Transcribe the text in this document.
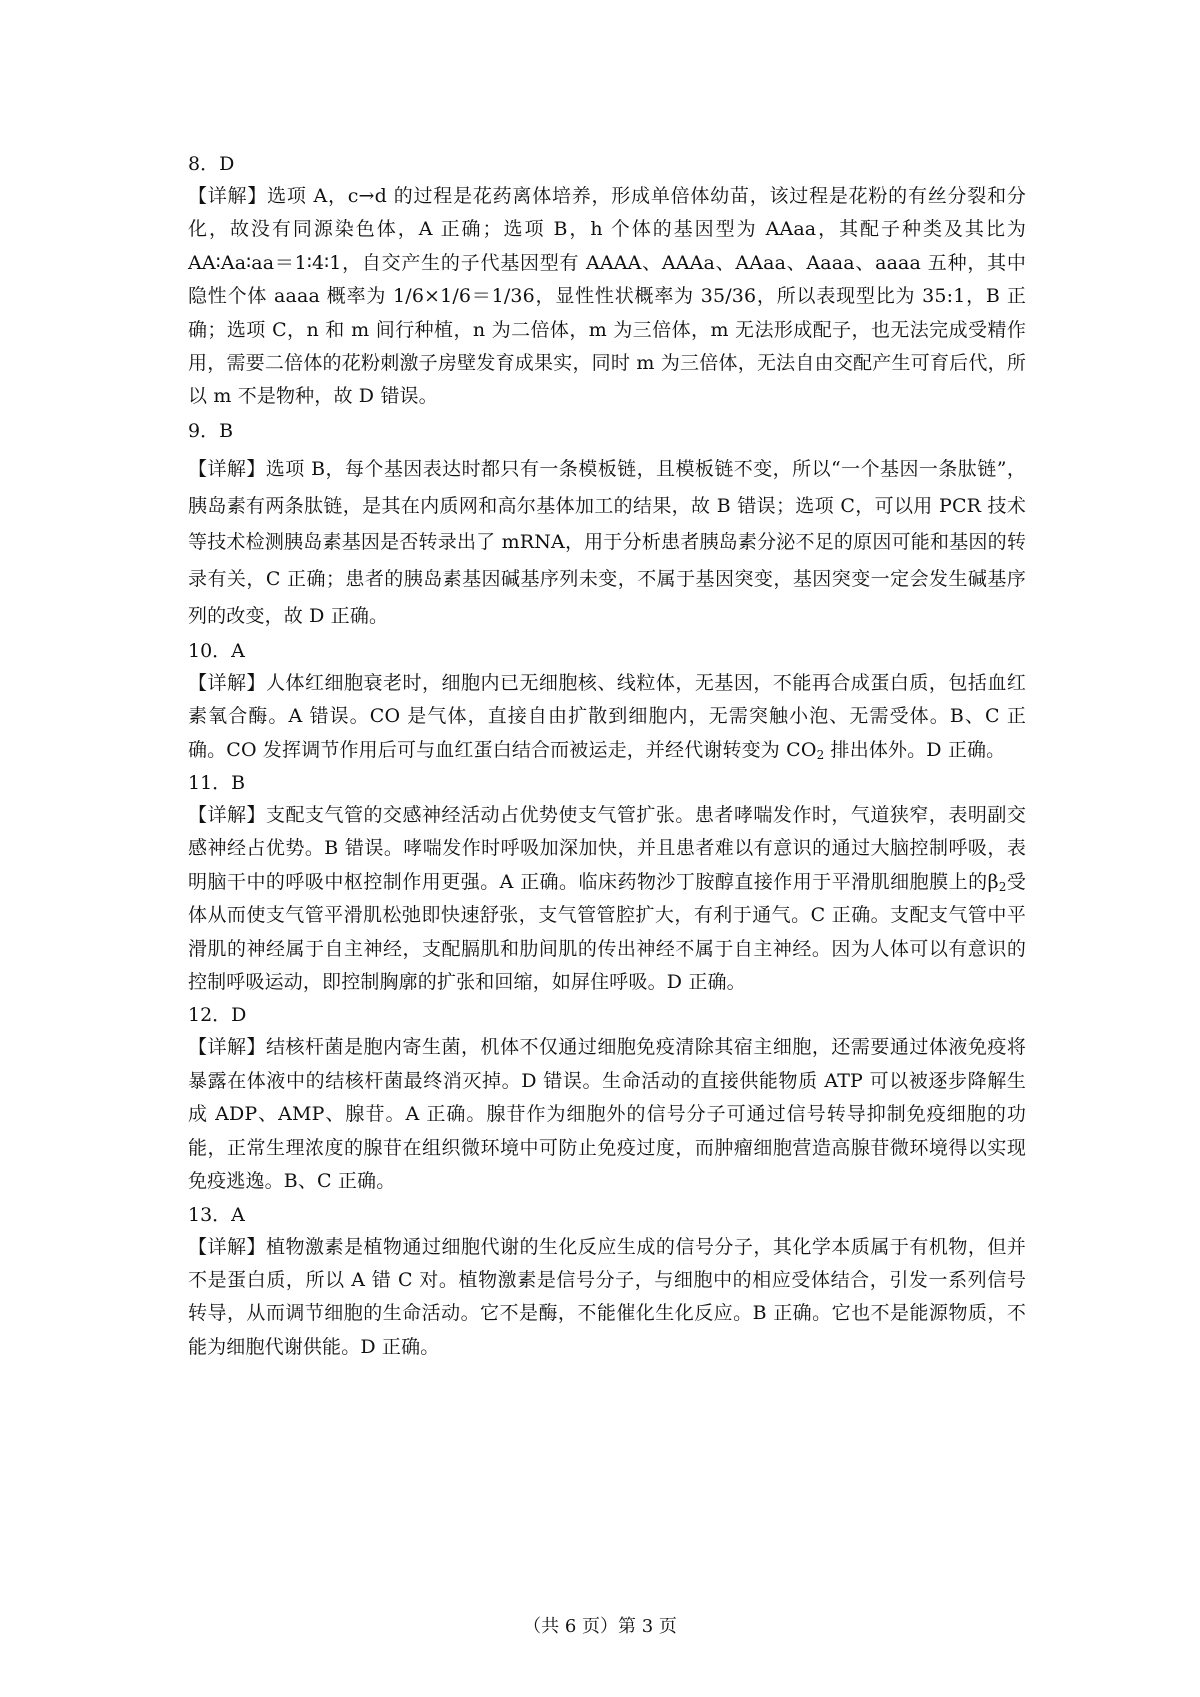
8．D

【详解】选项 A，c→d 的过程是花药离体培养，形成单倍体幼苗，该过程是花粉的有丝分裂和分化，故没有同源染色体，A 正确；选项 B，h 个体的基因型为 AAaa，其配子种类及其比为 AA∶Aa∶aa＝1∶4∶1，自交产生的子代基因型有 AAAA、AAAa、AAaa、Aaaa、aaaa 五种，其中隐性个体 aaaa 概率为 1/6×1/6＝1/36，显性性状概率为 35/36，所以表现型比为 35:1，B 正确；选项 C，n 和 m 间行种植，n 为二倍体，m 为三倍体，m 无法形成配子，也无法完成受精作用，需要二倍体的花粉刺激子房壁发育成果实，同时 m 为三倍体，无法自由交配产生可育后代，所以 m 不是物种，故 D 错误。

9．B

【详解】选项 B，每个基因表达时都只有一条模板链，且模板链不变，所以“一个基因一条肽链”，胰岛素有两条肽链，是其在内质网和高尔基体加工的结果，故 B 错误；选项 C，可以用 PCR 技术等技术检测胰岛素基因是否转录出了 mRNA，用于分析患者胰岛素分泌不足的原因可能和基因的转录有关，C 正确；患者的胰岛素基因碱基序列未变，不属于基因突变，基因突变一定会发生碱基序列的改变，故 D 正确。

10．A

【详解】人体红细胞衰老时，细胞内已无细胞核、线粒体，无基因，不能再合成蛋白质，包括血红素氧合酶。A 错误。CO 是气体，直接自由扩散到细胞内，无需突触小泡、无需受体。B、C 正确。CO 发挥调节作用后可与血红蛋白结合而被运走，并经代谢转变为 $CO_2$ 排出体外。D 正确。

11．B

【详解】支配支气管的交感神经活动占优势使支气管扩张。患者哮喘发作时，气道狭窄，表明副交感神经占优势。B 错误。哮喘发作时呼吸加深加快，并且患者难以有意识的通过大脑控制呼吸，表明脑干中的呼吸中枢控制作用更强。A 正确。临床药物沙丁胺醇直接作用于平滑肌细胞膜上的$\beta_2$受体从而使支气管平滑肌松弛即快速舒张，支气管管腔扩大，有利于通气。C 正确。支配支气管中平滑肌的神经属于自主神经，支配膈肌和肋间肌的传出神经不属于自主神经。因为人体可以有意识的控制呼吸运动，即控制胸廓的扩张和回缩，如屏住呼吸。D 正确。

12．D

【详解】结核杆菌是胞内寄生菌，机体不仅通过细胞免疫清除其宿主细胞，还需要通过体液免疫将暴露在体液中的结核杆菌最终消灭掉。D 错误。生命活动的直接供能物质 ATP 可以被逐步降解生成 ADP、AMP、腺苷。A 正确。腺苷作为细胞外的信号分子可通过信号转导抑制免疫细胞的功能，正常生理浓度的腺苷在组织微环境中可防止免疫过度，而肿瘤细胞营造高腺苷微环境得以实现免疫逃逸。B、C 正确。

13．A

【详解】植物激素是植物通过细胞代谢的生化反应生成的信号分子，其化学本质属于有机物，但并不是蛋白质，所以 A 错 C 对。植物激素是信号分子，与细胞中的相应受体结合，引发一系列信号转导，从而调节细胞的生命活动。它不是酶，不能催化生化反应。B 正确。它也不是能源物质，不能为细胞代谢供能。D 正确。

（共 6 页）第 3 页
